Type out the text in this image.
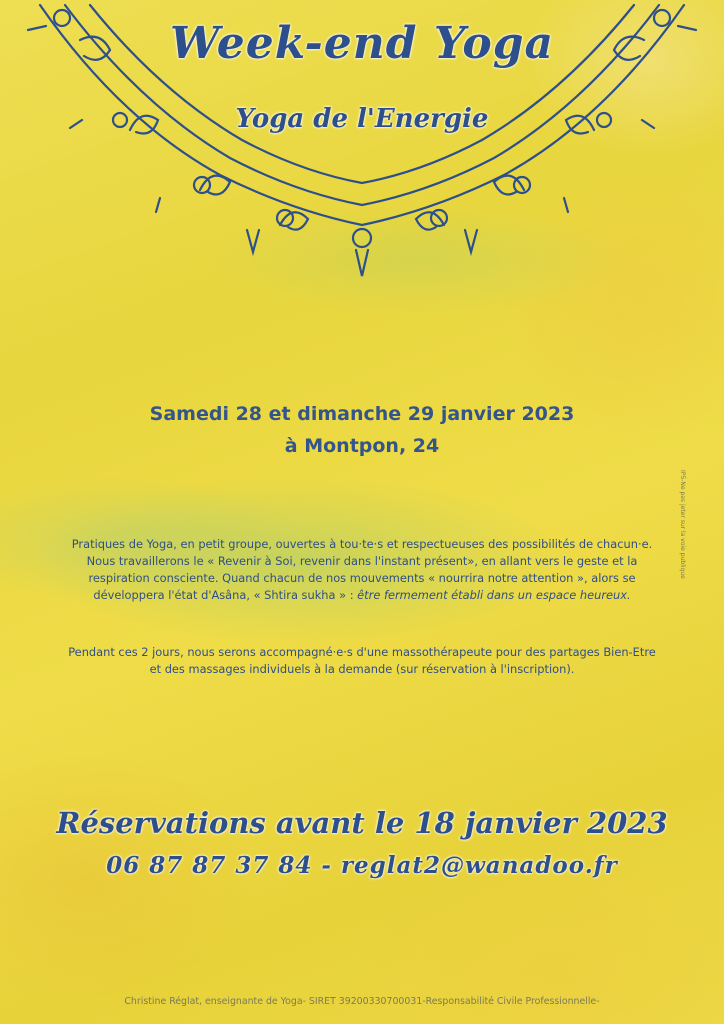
Week-end Yoga
Yoga de l'Energie
Samedi 28 et dimanche 29 janvier 2023
à Montpon, 24
Pratiques de Yoga, en petit groupe, ouvertes à tou·te·s et respectueuses des possibilités de chacun·e.
Nous travaillerons le « Revenir à Soi, revenir dans l'instant présent», en allant vers le geste et la
respiration consciente. Quand chacun de nos mouvements « nourrira notre attention », alors se
développera l'état d'Asâna, « Shtira sukha » : être fermement établi dans un espace heureux.
Pendant ces 2 jours, nous serons accompagné·e·s d'une massothérapeute pour des partages Bien-Etre
et des massages individuels à la demande (sur réservation à l'inscription).
Réservations avant le 18 janvier 2023
06 87 87 37 84 - reglat2@wanadoo.fr
IPS-Ne pas jeter sur la voie publique
Christine Réglat, enseignante de Yoga- SIRET 39200330700031-Responsabilité Civile Professionnelle-
